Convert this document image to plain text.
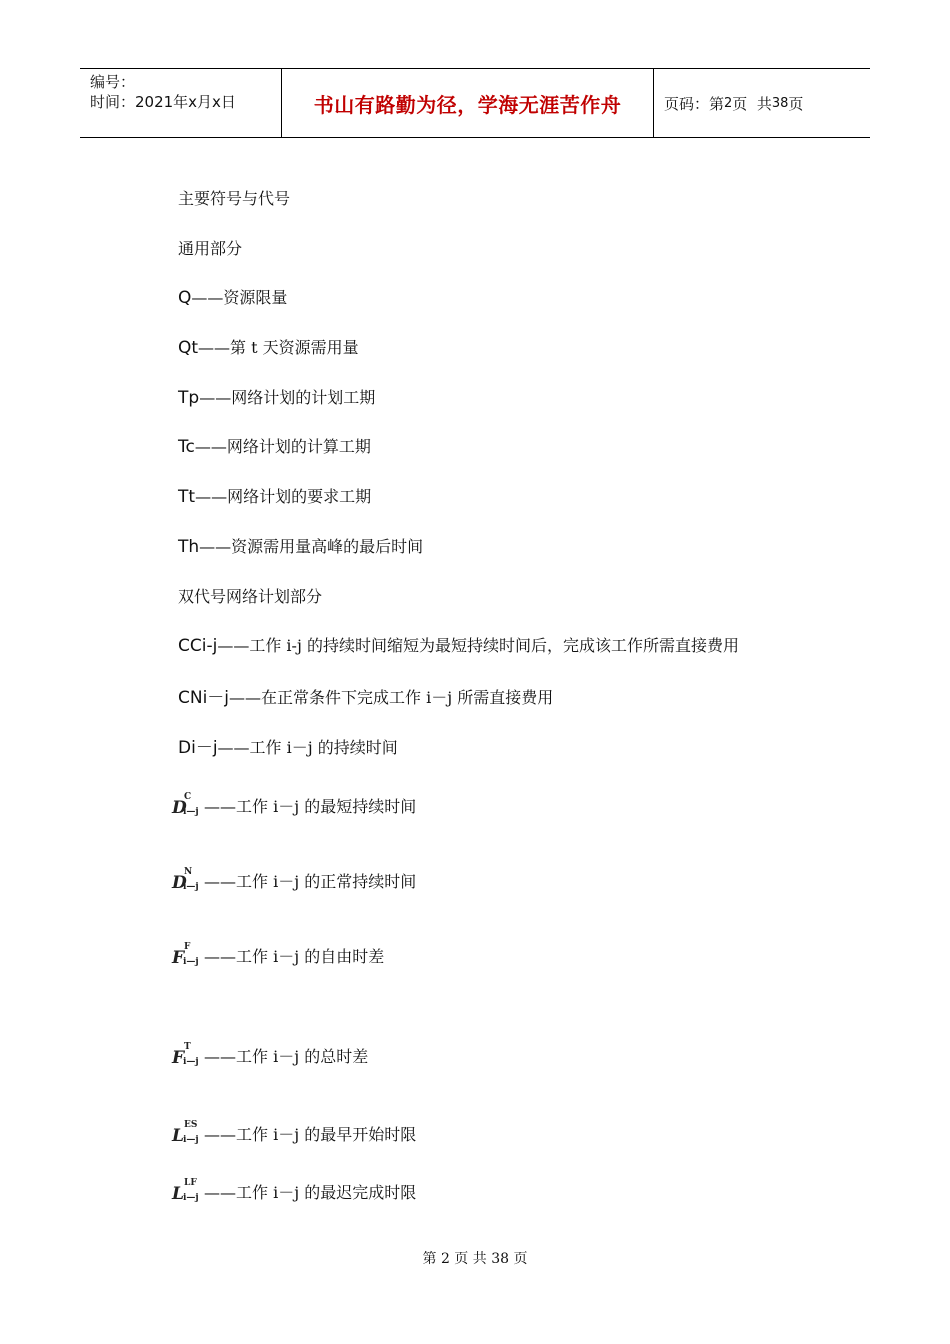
编号：
时间：2021年x月x日	书山有路勤为径，学海无涯苦作舟	页码：第 2 页  共 38 页
主要符号与代号
通用部分
Q——资源限量
Qt——第 t 天资源需用量
Tp——网络计划的计划工期
Tc——网络计划的计算工期
Tt——网络计划的要求工期
Th——资源需用量高峰的最后时间
双代号网络计划部分
CCi-j——工作 i-j 的持续时间缩短为最短持续时间后，完成该工作所需直接费用
CNi－j——在正常条件下完成工作 i－j 所需直接费用
Di－j——工作 i－j 的持续时间
D
C
i—j ——工作 i－j 的最短持续时间
D
N
i—j ——工作 i－j 的正常持续时间
F
F
i—j ——工作 i－j 的自由时差
F
T
i—j ——工作 i－j 的总时差
L
ES
i—j ——工作 i－j 的最早开始时限
L
LF
i—j ——工作 i－j 的最迟完成时限
第 2 页 共 38 页
